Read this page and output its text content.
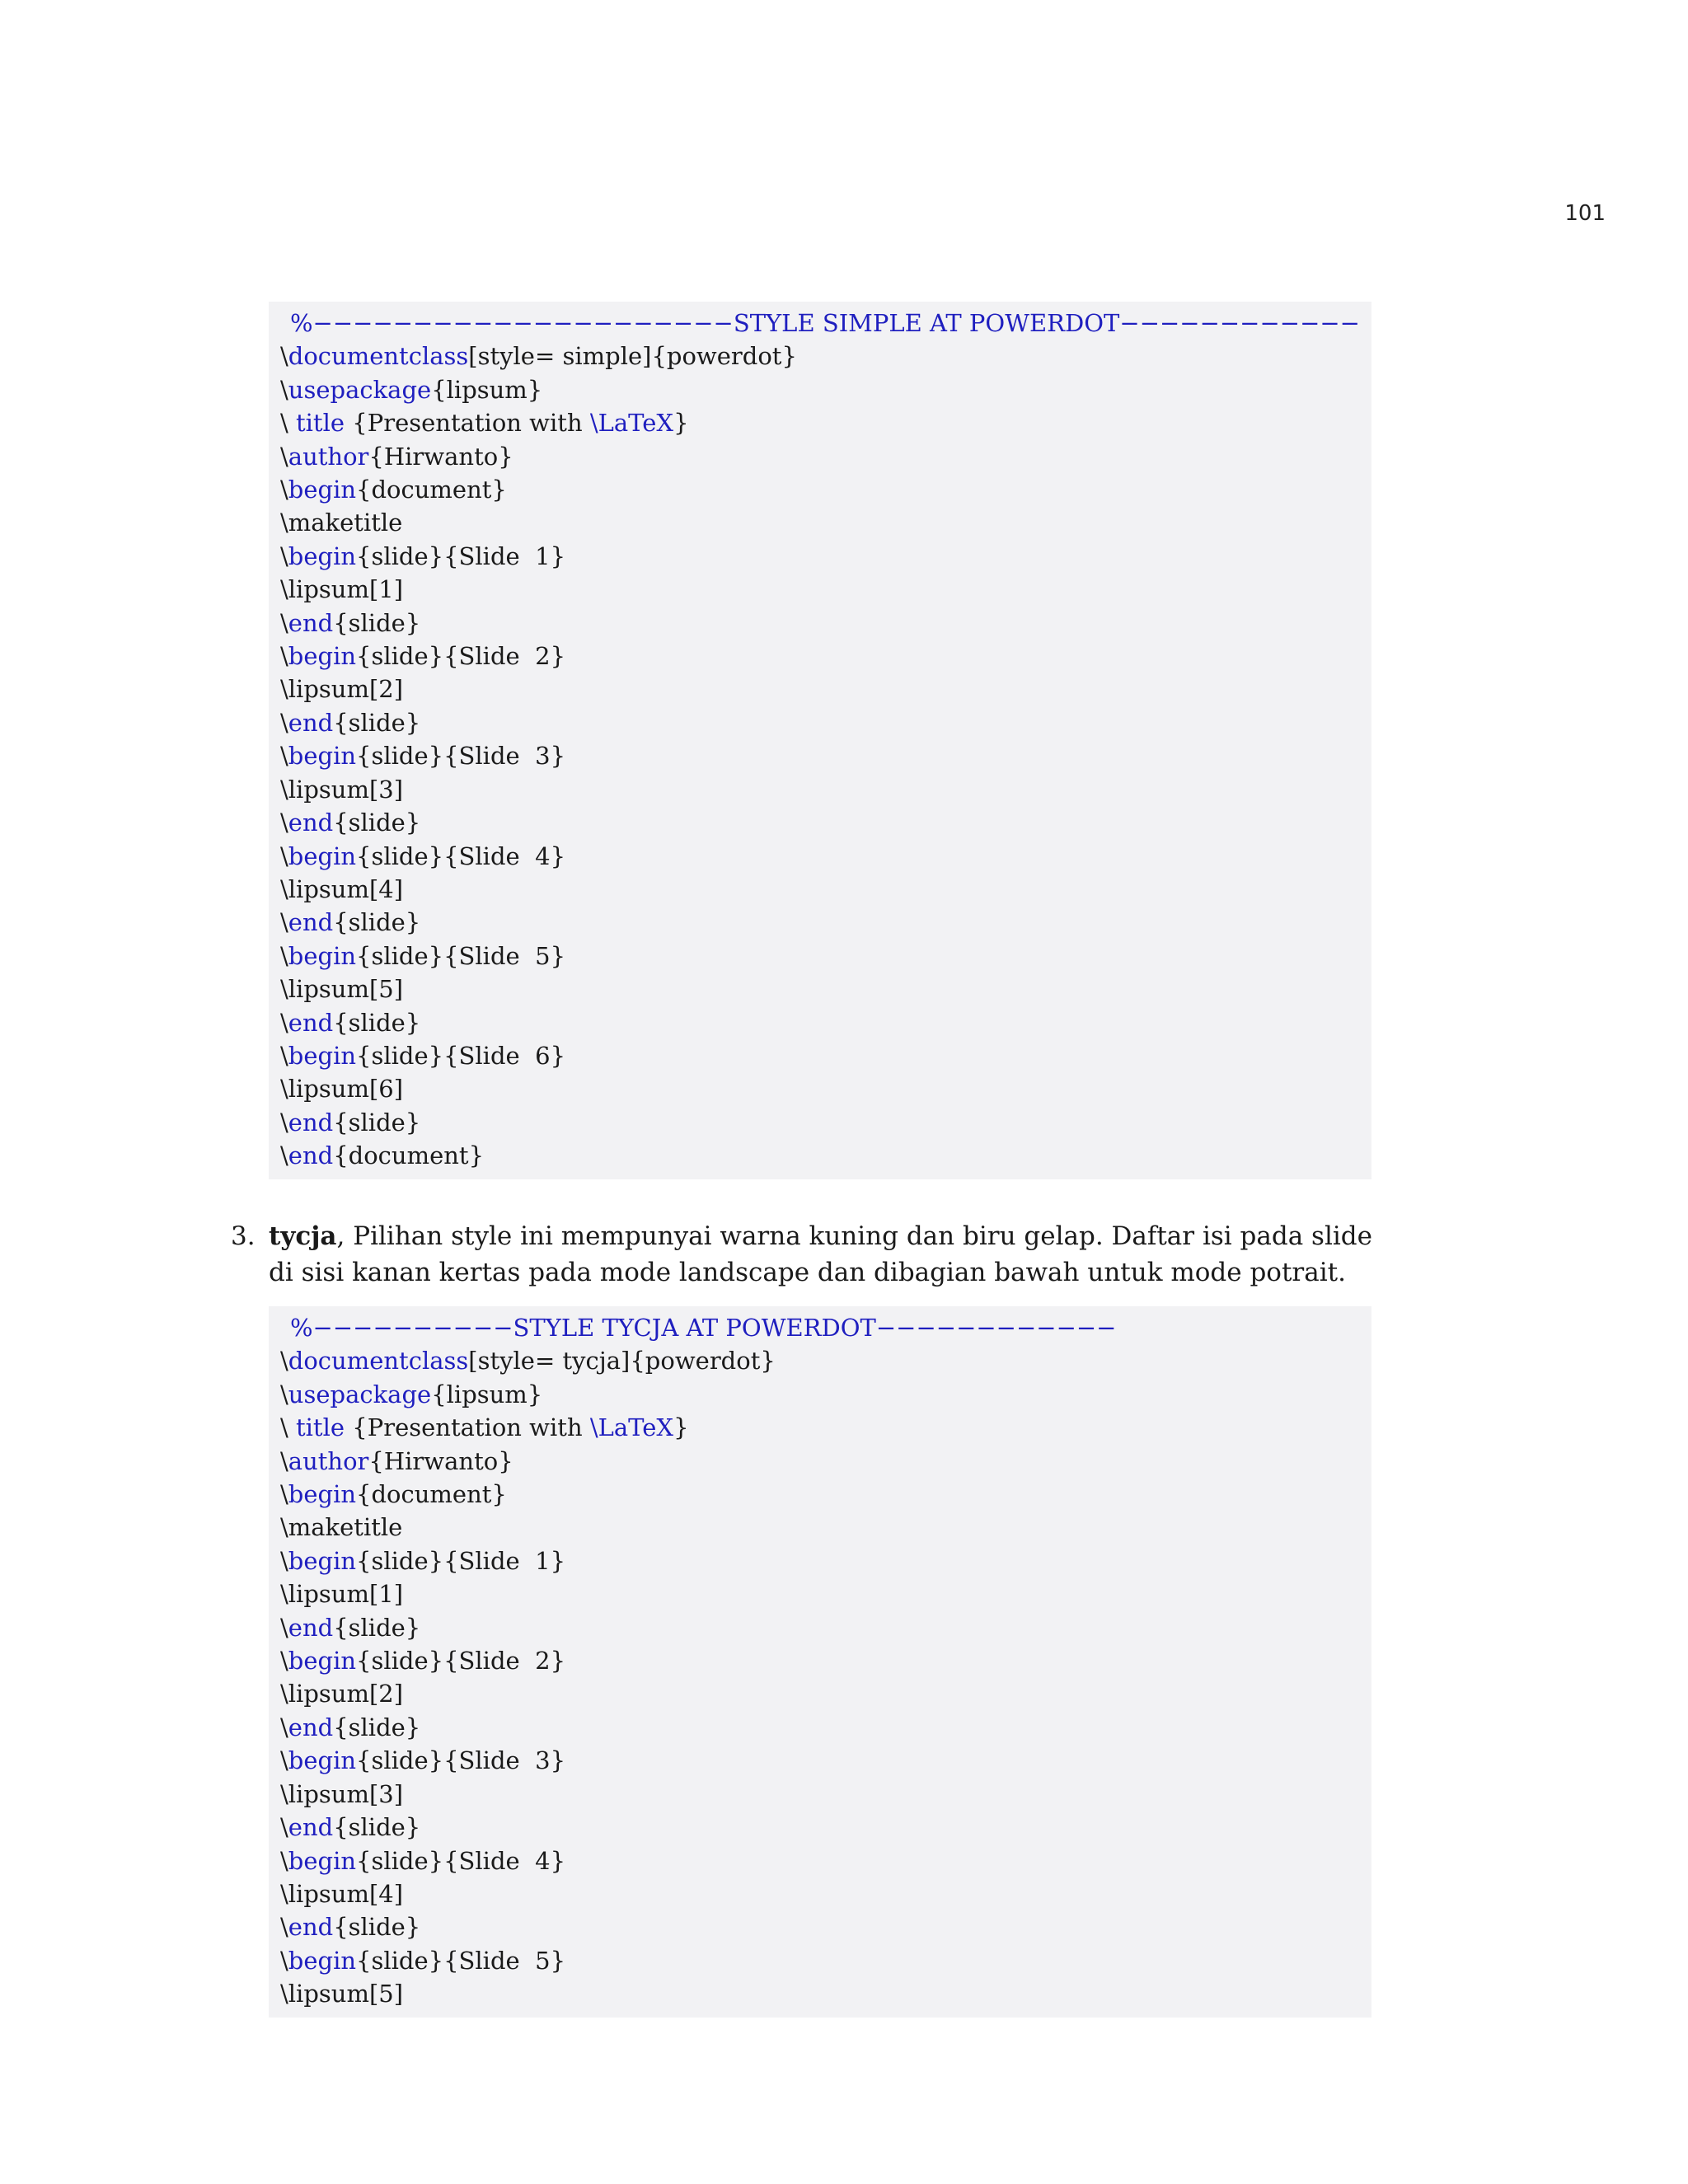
101
%−−−−−−−−−−−−−−−−−−−−−STYLE SIMPLE AT POWERDOT−−−−−−−−−−−−
\documentclass[style= simple]{powerdot}
\usepackage{lipsum}
\ title {Presentation with \LaTeX}
\author{Hirwanto}
\begin{document}
\maketitle
\begin{slide}{Slide  1}
\lipsum[1]
\end{slide}
\begin{slide}{Slide  2}
\lipsum[2]
\end{slide}
\begin{slide}{Slide  3}
\lipsum[3]
\end{slide}
\begin{slide}{Slide  4}
\lipsum[4]
\end{slide}
\begin{slide}{Slide  5}
\lipsum[5]
\end{slide}
\begin{slide}{Slide  6}
\lipsum[6]
\end{slide}
\end{document}
3. tycja, Pilihan style ini mempunyai warna kuning dan biru gelap. Daftar isi pada slide di sisi kanan kertas pada mode landscape dan dibagian bawah untuk mode potrait.
%−−−−−−−−−−STYLE TYCJA AT POWERDOT−−−−−−−−−−−−
\documentclass[style= tycja]{powerdot}
\usepackage{lipsum}
\ title {Presentation with \LaTeX}
\author{Hirwanto}
\begin{document}
\maketitle
\begin{slide}{Slide  1}
\lipsum[1]
\end{slide}
\begin{slide}{Slide  2}
\lipsum[2]
\end{slide}
\begin{slide}{Slide  3}
\lipsum[3]
\end{slide}
\begin{slide}{Slide  4}
\lipsum[4]
\end{slide}
\begin{slide}{Slide  5}
\lipsum[5]
